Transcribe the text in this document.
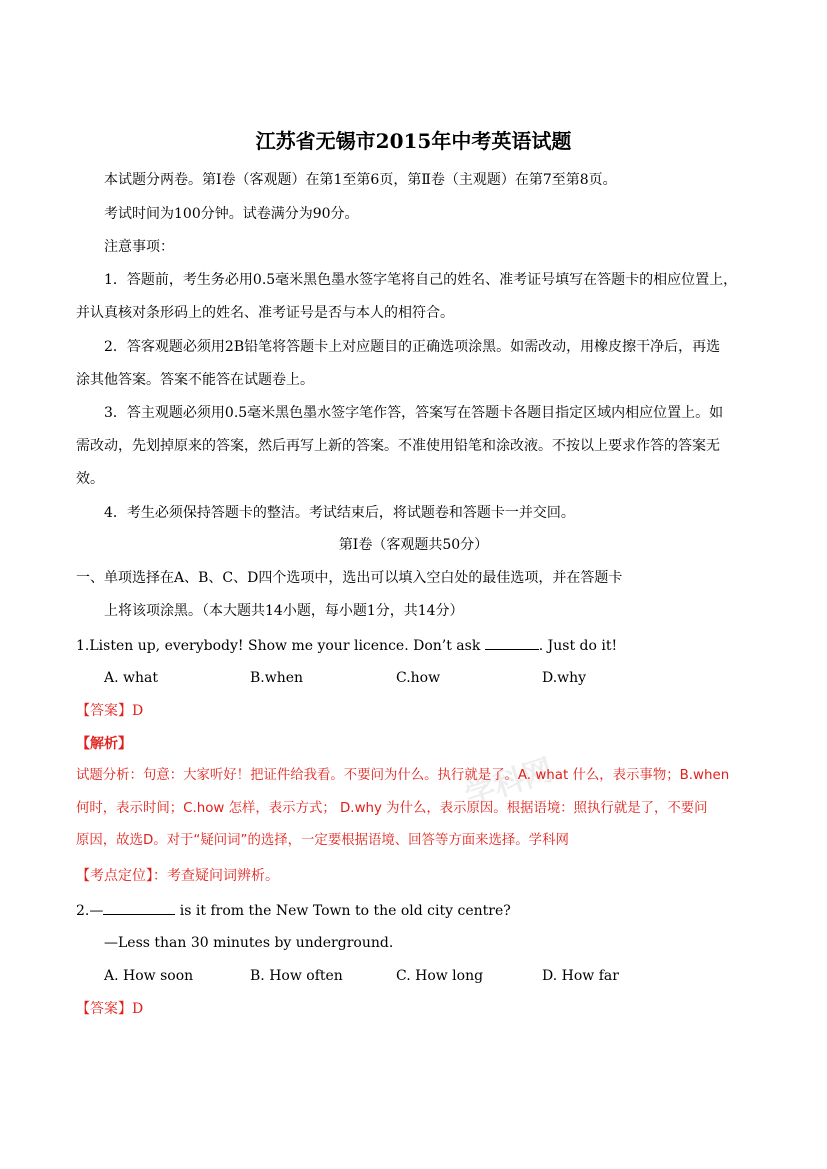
江苏省无锡市2015年中考英语试题
本试题分两卷。第Ⅰ卷（客观题）在第1至第6页，第Ⅱ卷（主观题）在第7至第8页。
考试时间为100分钟。试卷满分为90分。
注意事项：
1．答题前，考生务必用0.5毫米黑色墨水签字笔将自己的姓名、准考证号填写在答题卡的相应位置上，
并认真核对条形码上的姓名、准考证号是否与本人的相符合。
2．答客观题必须用2B铅笔将答题卡上对应题目的正确选项涂黑。如需改动，用橡皮擦干净后，再选
涂其他答案。答案不能答在试题卷上。
3．答主观题必须用0.5毫米黑色墨水签字笔作答，答案写在答题卡各题目指定区域内相应位置上。如
需改动，先划掉原来的答案，然后再写上新的答案。不准使用铅笔和涂改液。不按以上要求作答的答案无
效。
4．考生必须保持答题卡的整洁。考试结束后，将试题卷和答题卡一并交回。
第Ⅰ卷（客观题共50分）
一、单项选择在A、B、C、D四个选项中，选出可以填入空白处的最佳选项，并在答题卡
上将该项涂黑。（本大题共14小题，每小题1分，共14分）
1.Listen up, everybody! Show me your licence. Don’t ask	. Just do it!
A. what	B.when	C.how	D.why
【答案】D
【解析】
学科网
试题分析：句意：大家听好！把证件给我看。不要问为什么。执行就是了。A. what 什么，表示事物；B.when
何时，表示时间；C.how 怎样，表示方式； D.why 为什么，表示原因。根据语境：照执行就是了，不要问
原因，故选D。对于“疑问词”的选择，一定要根据语境、回答等方面来选择。学科网
【考点定位】：考查疑问词辨析。
2.—	is it from the New Town to the old city centre?
—Less than 30 minutes by underground.
A. How soon	B. How often	C. How long	D. How far
【答案】D
